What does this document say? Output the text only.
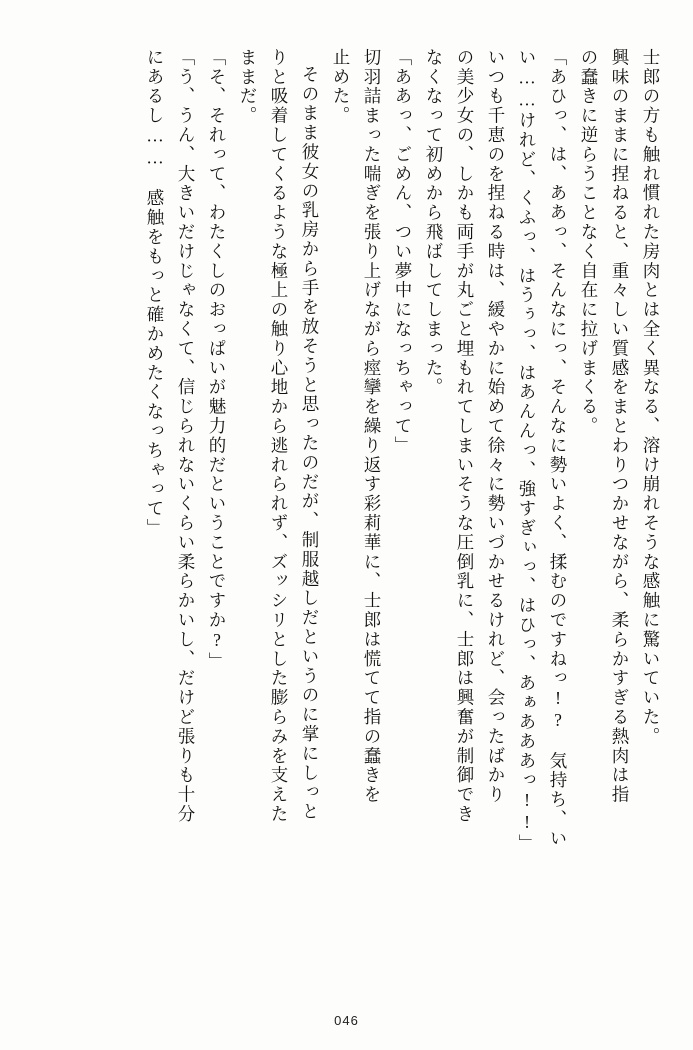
士郎の方も触れ慣れた房肉とは全く異なる、溶け崩れそうな感触に驚いていた。
興味のままに捏ねると、重々しい質感をまとわりつかせながら、柔らかすぎる熱肉は指
の蠢きに逆らうことなく自在に拉げまくる。
「あひっ、は、ああっ、そんなにっ、そんなに勢いよく、揉むのですねっ!?　気持ち、い
い……けれど、くふっ、はうぅっ、はあんんっ、強すぎぃっ、はひっ、あぁあああっ!!」
いつも千恵のを捏ねる時は、緩やかに始めて徐々に勢いづかせるけれど、会ったばかり
の美少女の、しかも両手が丸ごと埋もれてしまいそうな圧倒乳に、士郎は興奮が制御でき
なくなって初めから飛ばしてしまった。
「ああっ、ごめん、つい夢中になっちゃって」
切羽詰まった喘ぎを張り上げながら痙攣を繰り返す彩莉華に、士郎は慌てて指の蠢きを
止めた。
そのまま彼女の乳房から手を放そうと思ったのだが、制服越しだというのに掌にしっと
りと吸着してくるような極上の触り心地から逃れられず、ズッシリとした膨らみを支えた
ままだ。
「そ、それって、わたくしのおっぱいが魅力的だということですか?」
「う、うん、大きいだけじゃなくて、信じられないくらい柔らかいし、だけど張りも十分
にあるし……　感触をもっと確かめたくなっちゃって」
046
